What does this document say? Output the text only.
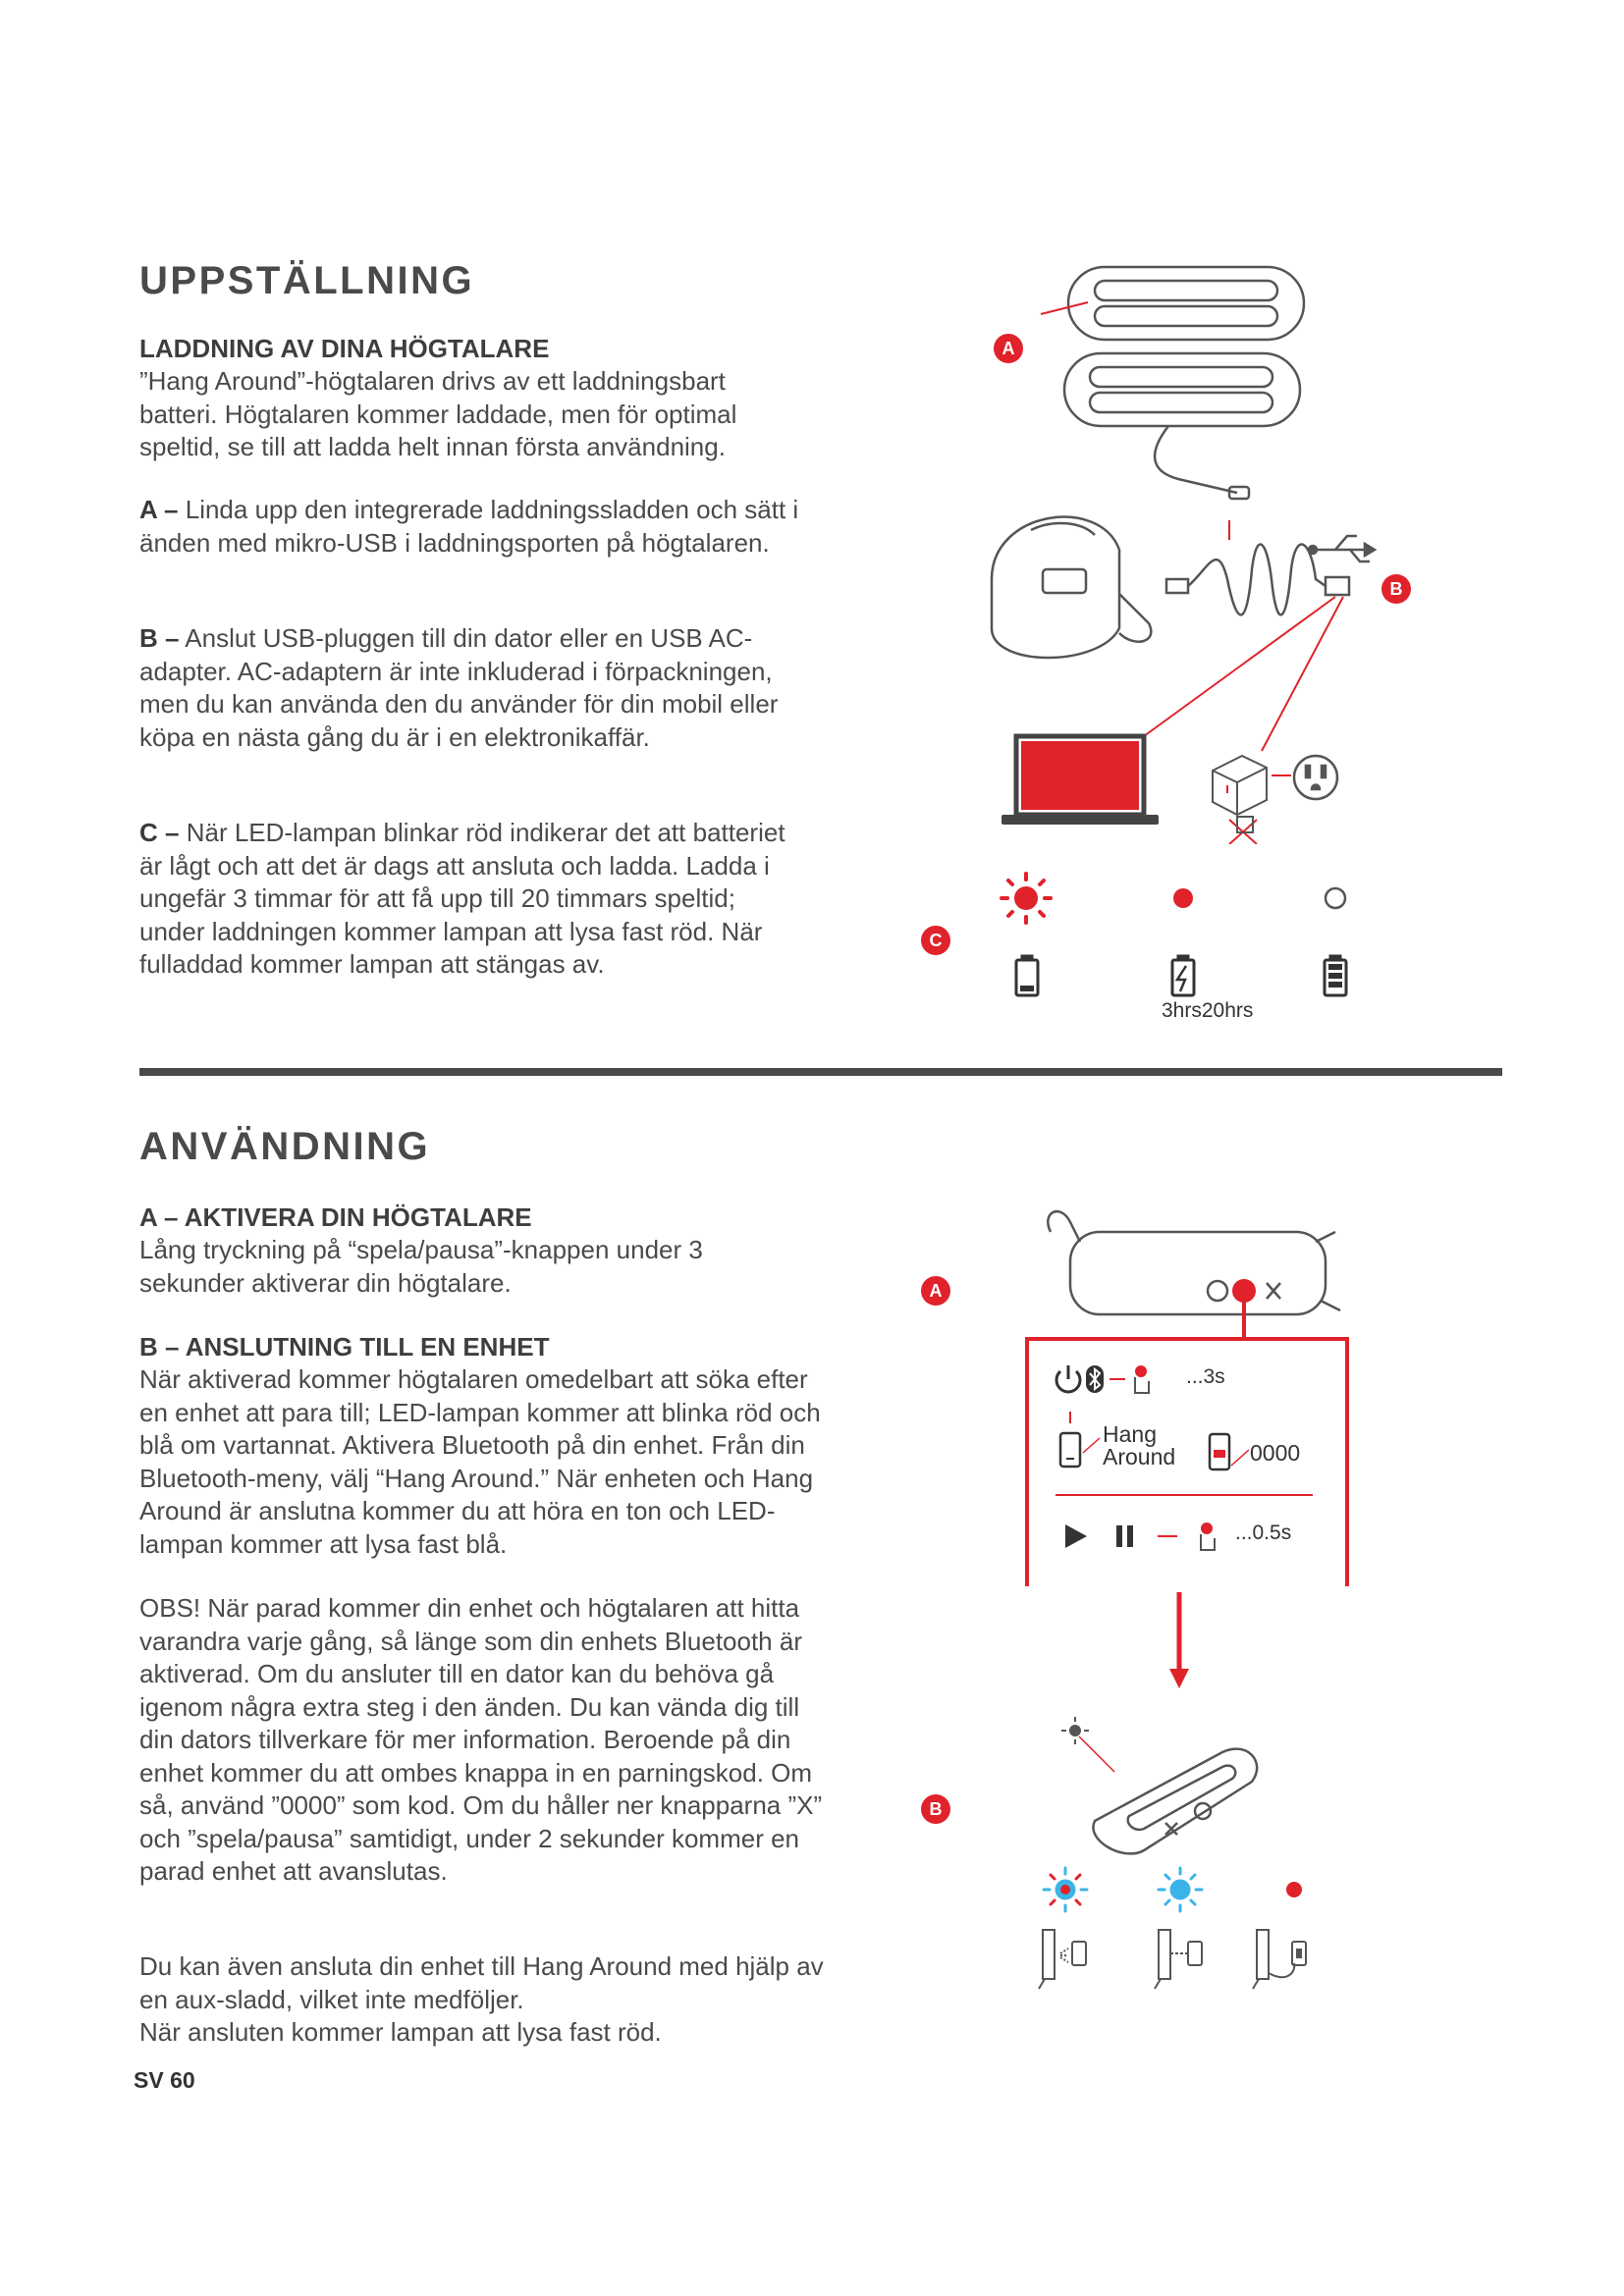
UPPSTÄLLNING
LADDNING AV DINA HÖGTALARE

”Hang Around”-högtalaren drivs av ett laddningsbart batteri. Högtalaren kommer laddade, men för optimal speltid, se till att ladda helt innan första användning.

A – Linda upp den integrerade laddningssladden och sätt i änden med mikro-USB i laddningsporten på högtalaren.

B – Anslut USB-pluggen till din dator eller en USB AC-adapter. AC-adaptern är inte inkluderad i förpackningen, men du kan använda den du använder för din mobil eller köpa en nästa gång du är i en elektronikaffär.

C – När LED-lampan blinkar röd indikerar det att batteriet är lågt och att det är dags att ansluta och ladda. Ladda i ungefär 3 timmar för att få upp till 20 timmars speltid; under laddningen kommer lampan att lysa fast röd. När fulladdad kommer lampan att stängas av.

A
B
C
3hrs20hrs
ANVÄNDNING
A – AKTIVERA DIN HÖGTALARE

Lång tryckning på “spela/pausa”-knappen under 3 sekunder aktiverar din högtalare.

B – ANSLUTNING TILL EN ENHET

När aktiverad kommer högtalaren omedelbart att söka efter en enhet att para till; LED-lampan kommer att blinka röd och blå om vartannat. Aktivera Bluetooth på din enhet. Från din Bluetooth-meny, välj “Hang Around.” När enheten och Hang Around är anslutna kommer du att höra en ton och LED-lampan kommer att lysa fast blå.

OBS! När parad kommer din enhet och högtalaren att hitta varandra varje gång, så länge som din enhets Bluetooth är aktiverad. Om du ansluter till en dator kan du behöva gå igenom några extra steg i den änden. Du kan vända dig till din dators tillverkare för mer information. Beroende på din enhet kommer du att ombes knappa in en parningskod. Om så, använd ”0000” som kod. Om du håller ner knapparna ”X” och ”spela/pausa” samtidigt, under 2 sekunder kommer en parad enhet att avanslutas.

Du kan även ansluta din enhet till Hang Around med hjälp av en aux-sladd, vilket inte medföljer.
När ansluten kommer lampan att lysa fast röd.

A
B
...3s
Hang
Around	0000
...0.5s
SV 60
